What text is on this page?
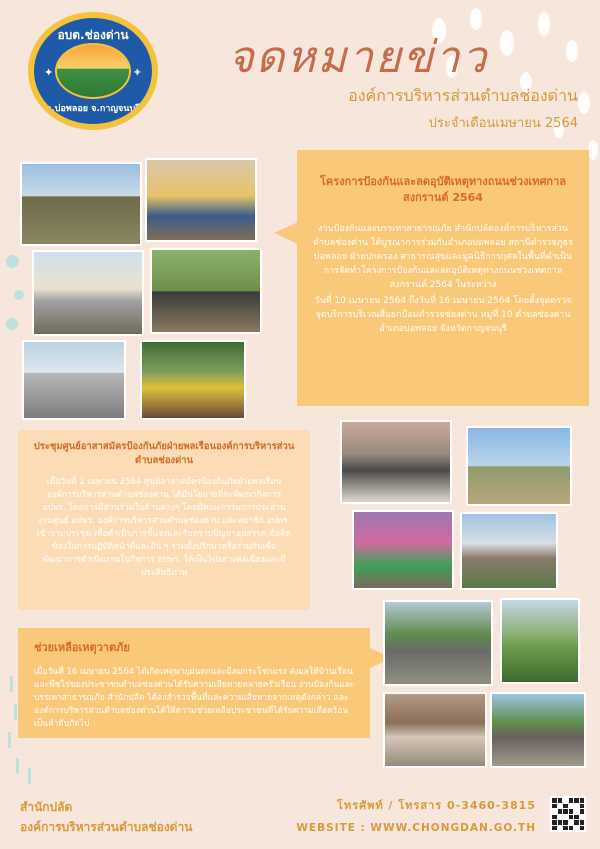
อบต.ช่องด่าน
✦	✦
อ.บ่อพลอย จ.กาญจนบุรี
จดหมายข่าว
องค์การบริหารส่วนตำบลช่องด่าน
ประจำเดือนเมษายน 2564
โครงการป้องกันและลดอุบัติเหตุทางถนนช่วงเทศกาลสงกรานต์ 2564
งานป้องกันและบรรเทาสาธารณภัย สำนักปลัดองค์การบริหารส่วนตำบลช่องด่าน ได้บูรณาการร่วมกับอำเภอบ่อพลอย สถานีตำรวจภูธรบ่อพลอย ฝ่ายปกครอง สาธารณสุขและมูลนิธิการกุศลในพื้นที่ดำเนินการจัดทำโครงการป้องกันและลดอุบัติเหตุทางถนนช่วงเทศกาลสงกรานต์ 2564 ในระหว่าง
วันที่ 10 เมษายน 2564 ถึงวันที่ 16 เมษายน 2564 โดยตั้งจุดตรวจ จุดบริการบริเวณสี่แยกป้อมตำรวจช่องด่าน หมู่ที่ 10 ตำบลช่องด่าน อำเภอบ่อพลอย จังหวัดกาญจนบุรี
ประชุมศูนย์อาสาสมัครป้องกันภัยฝ่ายพลเรือนองค์การบริหารส่วนตำบลช่องด่าน
เมื่อวันที่ 1 เมษายน 2564 ศูนย์อาสาสมัครป้องกันภัยฝ่ายพลเรือน องค์การบริหารส่วนตำบลช่องด่าน ได้มีนโยบายที่จะพัฒนากิจการ อปพร. โดยการมีส่วนร่วมในด้านต่างๆ โดยมีคณะกรรมการประสานงานศูนย์ อปพร. องค์การบริหารส่วนตำบลช่องด่าน และสมาชิก อปพร. เข้าร่วมประชุม เพื่อดำเนินการชี้แจงและรับทราบปัญหาอุปสรรค ข้อติดข้องในการปฏิบัติหน้าที่และอื่น ๆ รวมทั้งปรึกษาหรือร่วมกันเพื่อพัฒนาการดำเนินงานในกิจการ อปพร. ให้เป็นไปอย่างต่อเนื่องและมีประสิทธิภาพ
ช่วยเหลือเหตุวาตภัย
เมื่อวันที่ 16 เมษายน 2564 ได้เกิดเหตุพายุฝนตกและมีลมกระโชกแรง ส่งผลให้บ้านเรือนและพืชไร่ของประชาชนตำบลช่องด่านได้รับความเสียหายหลายครัวเรือน งานป้องกันและบรรเทาสาธารณภัย สำนักปลัด ได้ลงสำรวจพื้นที่และความเสียหายจากเหตุดังกล่าว และองค์การบริหารส่วนตำบลช่องด่านได้ให้ความช่วยเหลือประชาชนที่ได้รับความเดือดร้อนเป็นลำดับถัดไป
สำนักปลัด
องค์การบริหารส่วนตำบลช่องด่าน
โทรศัพท์ / โทรสาร 0-3460-3815
WEBSITE : WWW.CHONGDAN.GO.TH
